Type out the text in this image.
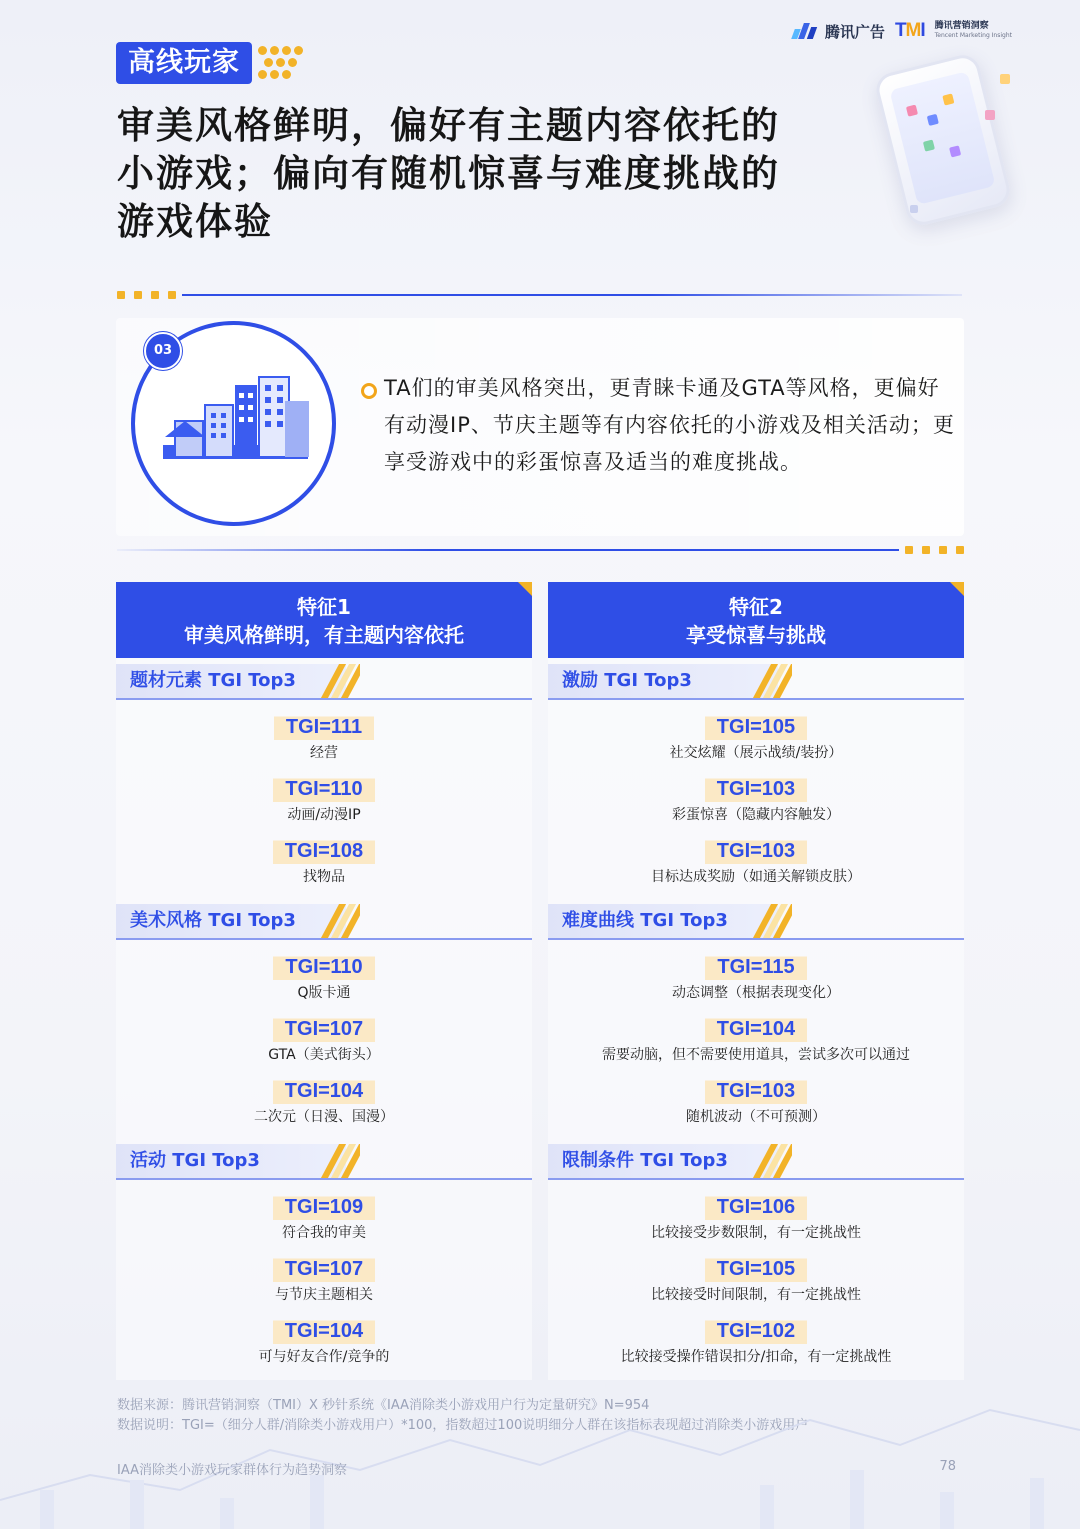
腾讯广告 TMI 腾讯营销洞察
Tencent Marketing Insight
高线玩家
审美风格鲜明，偏好有主题内容依托的
小游戏；偏向有随机惊喜与难度挑战的
游戏体验
03
TA们的审美风格突出，更青睐卡通及GTA等风格，更偏好有动漫IP、节庆主题等有内容依托的小游戏及相关活动；更享受游戏中的彩蛋惊喜及适当的难度挑战。
特征1
审美风格鲜明，有主题内容依托
特征2
享受惊喜与挑战
题材元素 TGI Top3
TGI=111
经营
TGI=110
动画/动漫IP
TGI=108
找物品
美术风格 TGI Top3
TGI=110
Q版卡通
TGI=107
GTA（美式街头）
TGI=104
二次元（日漫、国漫）
活动 TGI Top3
TGI=109
符合我的审美
TGI=107
与节庆主题相关
TGI=104
可与好友合作/竞争的
激励 TGI Top3
TGI=105
社交炫耀（展示战绩/装扮）
TGI=103
彩蛋惊喜（隐藏内容触发）
TGI=103
目标达成奖励（如通关解锁皮肤）
难度曲线 TGI Top3
TGI=115
动态调整（根据表现变化）
TGI=104
需要动脑，但不需要使用道具，尝试多次可以通过
TGI=103
随机波动（不可预测）
限制条件 TGI Top3
TGI=106
比较接受步数限制，有一定挑战性
TGI=105
比较接受时间限制，有一定挑战性
TGI=102
比较接受操作错误扣分/扣命，有一定挑战性
数据来源：腾讯营销洞察（TMI）X 秒针系统《IAA消除类小游戏用户行为定量研究》N=954
数据说明：TGI=（细分人群/消除类小游戏用户）*100，指数超过100说明细分人群在该指标表现超过消除类小游戏用户
IAA消除类小游戏玩家群体行为趋势洞察	78
